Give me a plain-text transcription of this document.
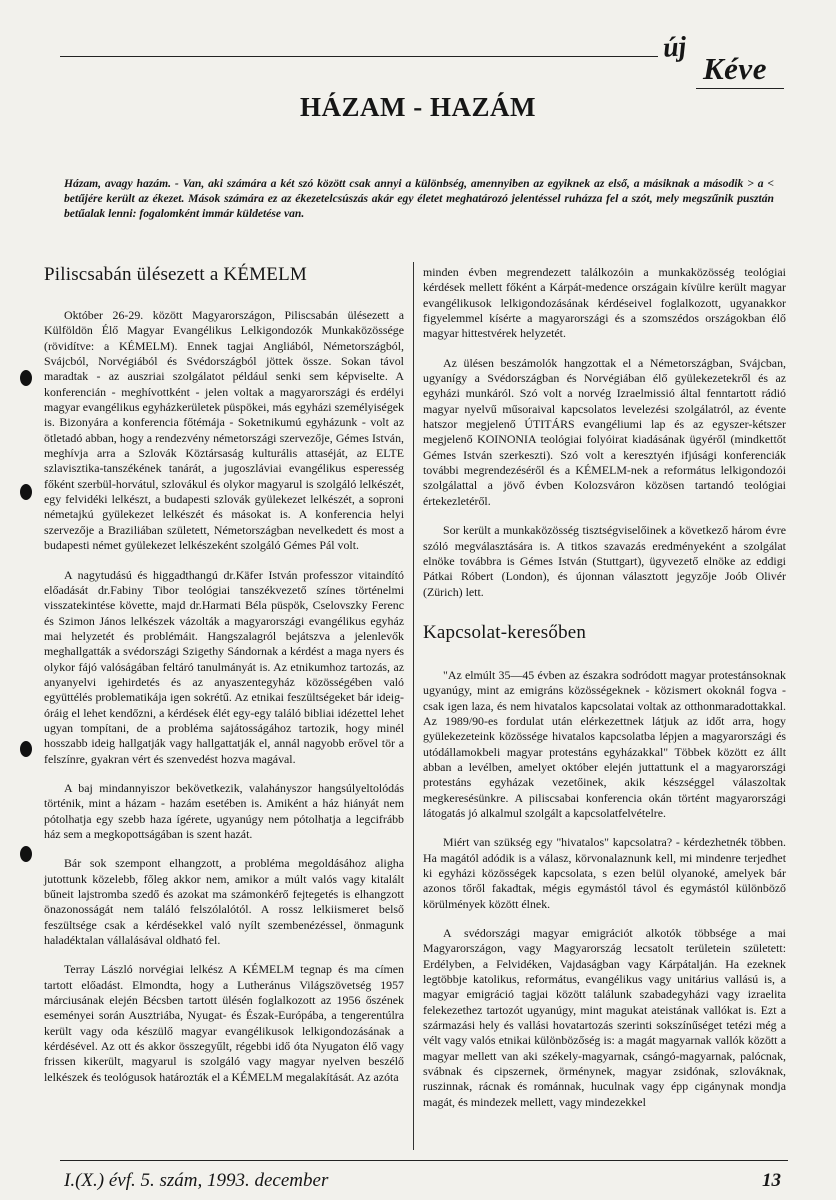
új
Kéve
HÁZAM - HAZÁM
Házam, avagy hazám. - Van, aki számára a két szó között csak annyi a különbség, amennyiben az egyiknek az első, a másiknak a második > a < betűjére került az ékezet. Mások számára ez az ékezetelcsúszás akár egy életet meghatározó jelentéssel ruházza fel a szót, mely megszűnik pusztán betűalak lenni: fogalomként immár küldetése van.
Piliscsabán ülésezett a KÉMELM

Október 26-29. között Magyarországon, Piliscsabán ülésezett a Külföldön Élő Magyar Evangélikus Lelkigondozók Munkaközössége (rövidítve: a KÉMELM). Ennek tagjai Angliából, Németországból, Svájcból, Norvégiából és Svédországból jöttek össze. Sokan távol maradtak - az auszriai szolgálatot például senki sem képviselte. A konferencián - meghívottként - jelen voltak a magyarországi és erdélyi magyar evangélikus egyházkerületek püspökei, más egyházi személyiségek is. Bizonyára a konferencia főtémája - Soketnikumú egyházunk - volt az ötletadó abban, hogy a rendezvény németországi szervezője, Gémes István, meghívja arra a Szlovák Köztársaság kulturális attaséját, az ELTE szlavisztika-tanszékének tanárát, a jugoszláviai evangélikus esperesség főként szerbül-horvátul, szlovákul és olykor magyarul is szolgáló lelkészét, egy felvidéki lelkészt, a budapesti szlovák gyülekezet lelkészét, a soproni németajkú gyülekezet lelkészét és másokat is. A konferencia helyi szervezője a Braziliában született, Németországban nevelkedett és most a budapesti német gyülekezet lelkészeként szolgáló Gémes Pál volt.

A nagytudású és higgadthangú dr.Käfer István professzor vitaindító előadását dr.Fabiny Tibor teológiai tanszékvezető színes történelmi visszatekintése követte, majd dr.Harmati Béla püspök, Cselovszky Ferenc és Szimon János lelkészek vázolták a magyarországi evangélikus egyház mai helyzetét és problémáit. Hangszalagról bejátszva a jelenlevők meghallgatták a svédországi Szigethy Sándornak a kérdést a maga nyers és olykor fájó valóságában feltáró tanulmányát is. Az etnikumhoz tartozás, az anyanyelvi igehirdetés és az anyaszentegyház közösségében való együttélés problematikája igen sokrétű. Az etnikai feszültségeket bár ideig-óráig el lehet kendőzni, a kérdések élét egy-egy találó bibliai idézettel lehet ugyan tompítani, de a probléma sajátosságához tartozik, hogy minél hosszabb ideig hallgatják vagy hallgattatják el, annál nagyobb erővel tör a felszínre, gyakran vért és szenvedést hozva magával.

A baj mindannyiszor bekövetkezik, valahányszor hangsúlyeltolódás történik, mint a házam - hazám esetében is. Amiként a ház hiányát nem pótolhatja egy szebb haza ígérete, ugyanúgy nem pótolhatja a legcifrább ház sem a megkopottságában is szent hazát.

Bár sok szempont elhangzott, a probléma megoldásához aligha jutottunk közelebb, főleg akkor nem, amikor a múlt valós vagy kitalált bűneit lajstromba szedő és azokat ma számonkérő fejtegetés is elhangzott önazonosságát nem találó felszólalótól. A rossz lelkiismeret belső feszültsége csak a kérdésekkel való nyílt szembenézéssel, önmagunk haladéktalan vállalásával oldható fel.

Terray László norvégiai lelkész A KÉMELM tegnap és ma címen tartott előadást. Elmondta, hogy a Lutheránus Világszövetség 1957 márciusának elején Bécsben tartott ülésén foglalkozott az 1956 őszének eseményei során Ausztriába, Nyugat- és Észak-Európába, a tengerentúlra került vagy oda készülő magyar evangélikusok lelkigondozásának a kérdésével. Az ott és akkor összegyűlt, régebbi idő óta Nyugaton élő vagy frissen kikerült, magyarul is szolgáló vagy magyar nyelven beszélő lelkészek és teológusok határozták el a KÉMELM megalakítását. Az azóta

minden évben megrendezett találkozóin a munkaközösség teológiai kérdések mellett főként a Kárpát-medence országain kívülre került magyar evangélikusok lelkigondozásának kérdéseivel foglalkozott, ugyanakkor figyelemmel kísérte a magyarországi és a szomszédos országokban élő magyar hittestvérek helyzetét.

Az ülésen beszámolók hangzottak el a Németországban, Svájcban, ugyanígy a Svédországban és Norvégiában élő gyülekezetekről és az egyházi munkáról. Szó volt a norvég Izraelmissió által fenntartott rádió magyar nyelvű műsoraival kapcsolatos levelezési szolgálatról, az évente hatszor megjelenő ÚTITÁRS evangéliumi lap és az egyszer-kétszer megjelenő KOINONIA teológiai folyóirat kiadásának ügyéről (mindkettőt Gémes István szerkeszti). Szó volt a keresztyén ifjúsági konferenciák további megrendezéséről és a KÉMELM-nek a református lelkigondozói szolgálattal a jövő évben Kolozsváron közösen tartandó teológiai értekezletéről.

Sor került a munkaközösség tisztségviselőinek a következő három évre szóló megválasztására is. A titkos szavazás eredményeként a szolgálat elnöke továbbra is Gémes István (Stuttgart), ügyvezető elnöke az eddigi Pátkai Róbert (London), és újonnan választott jegyzője Joób Olivér (Zürich) lett.

Kapcsolat-keresőben

"Az elmúlt 35—45 évben az északra sodródott magyar protestánsoknak ugyanúgy, mint az emigráns közösségeknek - közismert okoknál fogva - csak igen laza, és nem hivatalos kapcsolatai voltak az otthonmaradottakkal. Az 1989/90-es fordulat után elérkezettnek látjuk az időt arra, hogy gyülekezeteink közössége hivatalos kapcsolatba lépjen a magyarországi és utódállamokbeli magyar protestáns egyházakkal" Többek között ez állt abban a levélben, amelyet október elején juttattunk el a magyarországi protestáns egyházak vezetőinek, akik készséggel válaszoltak megkeresésünkre. A piliscsabai konferencia okán történt magyarországi látogatás jó alkalmul szolgált a kapcsolatfelvételre.

Miért van szükség egy "hivatalos" kapcsolatra? - kérdezhetnék többen. Ha magától adódik is a válasz, körvonalaznunk kell, mi mindenre terjedhet ki egyházi közösségek kapcsolata, s ezen belül olyanoké, amelyek bár azonos tőről fakadtak, mégis egymástól távol és egymástól különböző körülmények között élnek.

A svédországi magyar emigrációt alkotók többsége a mai Magyarországon, vagy Magyarország lecsatolt területein született: Erdélyben, a Felvidéken, Vajdaságban vagy Kárpátalján. Ha ezeknek legtöbbje katolikus, református, evangélikus vagy unitárius vallású is, a magyar emigráció tagjai között találunk szabadegyházi vagy izraelita felekezethez tartozót ugyanúgy, mint magukat ateistának vallókat is. Ezt a származási hely és vallási hovatartozás szerinti sokszínűséget tetézi még a vélt vagy valós etnikai különbözőség is: a magát magyarnak vallók között a magyar mellett van aki székely-magyarnak, csángó-magyarnak, palócnak, svábnak és cipszernek, örménynek, magyar zsidónak, szlováknak, ruszinnak, rácnak és románnak, huculnak vagy épp cigánynak mondja magát, és mindezek mellett, vagy mindezekkel

I.(X.) évf. 5. szám, 1993. december	13
